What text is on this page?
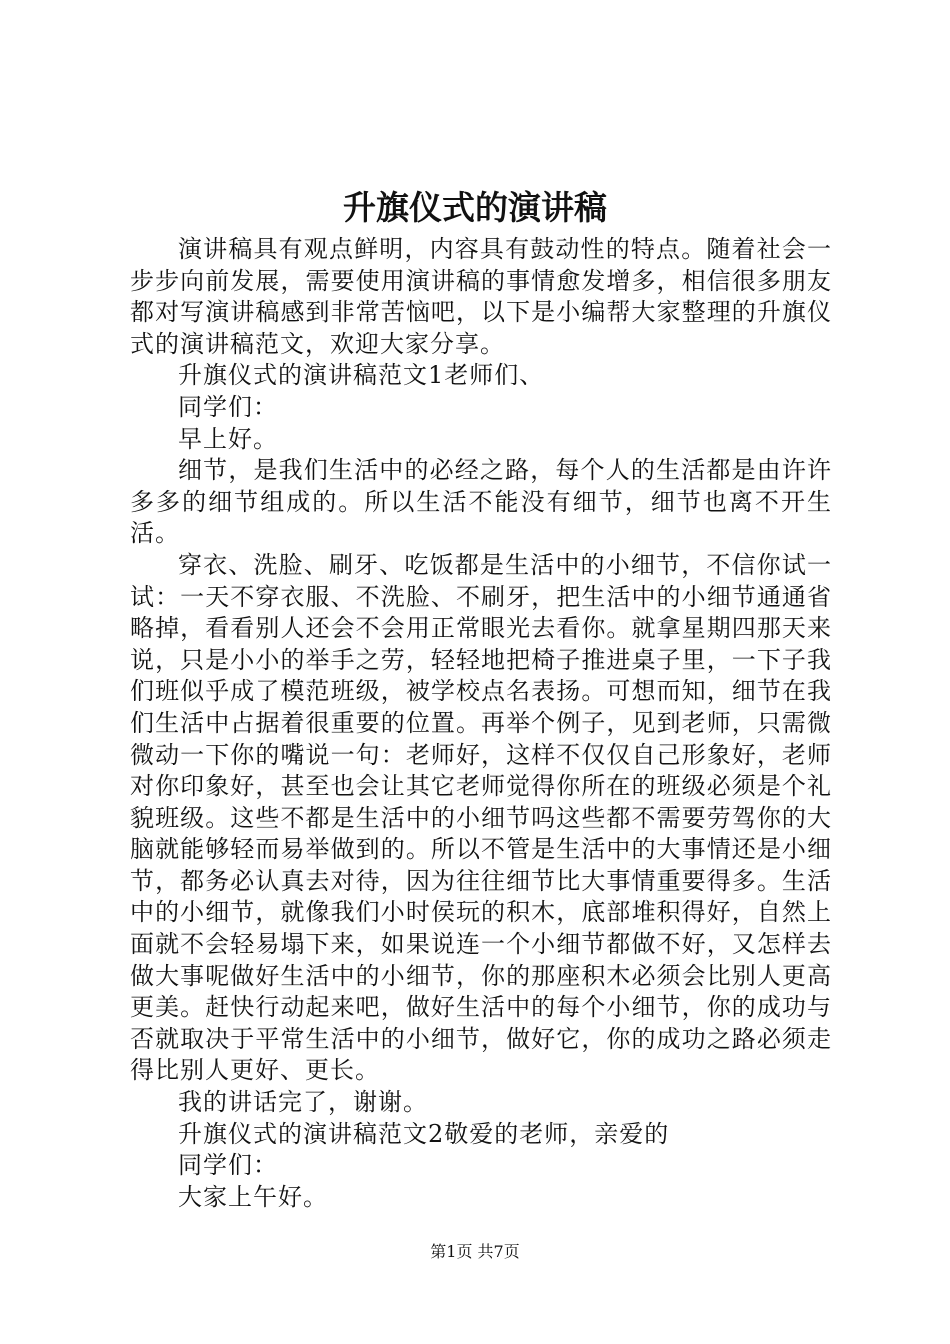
升旗仪式的演讲稿

演讲稿具有观点鲜明，内容具有鼓动性的特点。随着社会一步步向前发展，需要使用演讲稿的事情愈发增多，相信很多朋友都对写演讲稿感到非常苦恼吧，以下是小编帮大家整理的升旗仪式的演讲稿范文，欢迎大家分享。

升旗仪式的演讲稿范文1老师们、

同学们：

早上好。

细节，是我们生活中的必经之路，每个人的生活都是由许许多多的细节组成的。所以生活不能没有细节，细节也离不开生活。

穿衣、洗脸、刷牙、吃饭都是生活中的小细节，不信你试一试：一天不穿衣服、不洗脸、不刷牙，把生活中的小细节通通省略掉，看看别人还会不会用正常眼光去看你。就拿星期四那天来说，只是小小的举手之劳，轻轻地把椅子推进桌子里，一下子我们班似乎成了模范班级，被学校点名表扬。可想而知，细节在我们生活中占据着很重要的位置。再举个例子，见到老师，只需微微动一下你的嘴说一句：老师好，这样不仅仅自己形象好，老师对你印象好，甚至也会让其它老师觉得你所在的班级必须是个礼貌班级。这些不都是生活中的小细节吗这些都不需要劳驾你的大脑就能够轻而易举做到的。所以不管是生活中的大事情还是小细节，都务必认真去对待，因为往往细节比大事情重要得多。生活中的小细节，就像我们小时侯玩的积木，底部堆积得好，自然上面就不会轻易塌下来，如果说连一个小细节都做不好，又怎样去做大事呢做好生活中的小细节，你的那座积木必须会比别人更高更美。赶快行动起来吧，做好生活中的每个小细节，你的成功与否就取决于平常生活中的小细节，做好它，你的成功之路必须走得比别人更好、更长。

我的讲话完了，谢谢。

升旗仪式的演讲稿范文2敬爱的老师，亲爱的

同学们：

大家上午好。

第1页 共7页
